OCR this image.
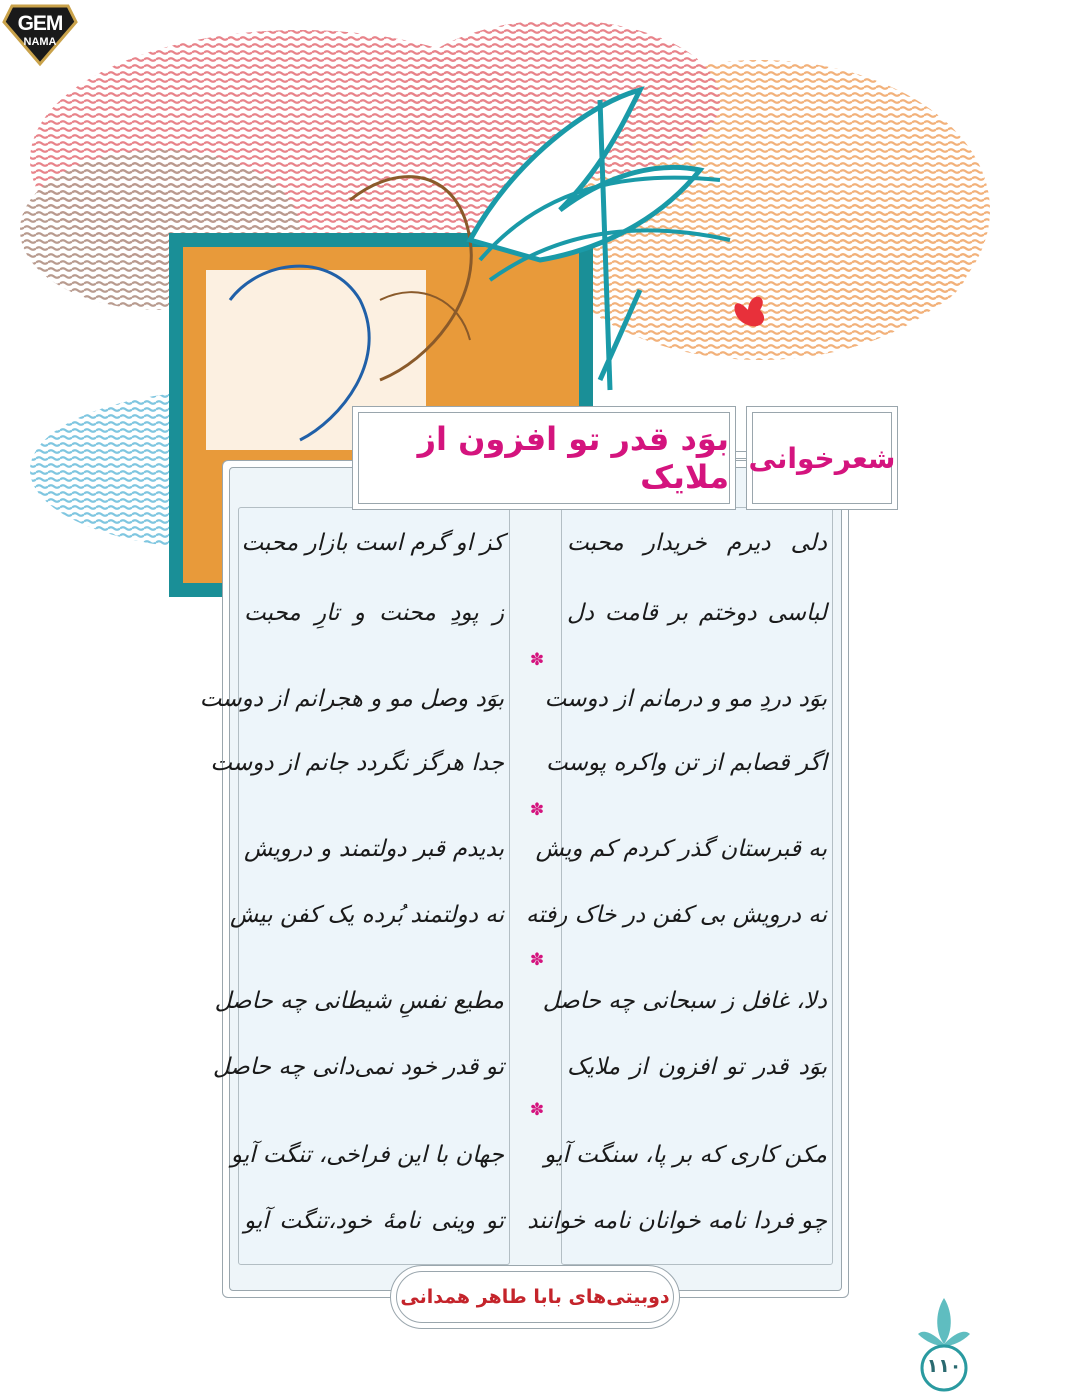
GEM
NAMA
شعرخوانی
بوَد قدر تو افزون از ملایک
دلی دیرم خریدار محبت
لباسی دوختم بر قامت دل
بوَد دردِ مو و درمانم از دوست
اگر قصابم از تن واکره پوست
به قبرستان گذر کردم کم ویش
نه درویش بی کفن در خاک رفته
دلا، غافل ز سبحانی چه حاصل
بوَد قدر تو افزون از ملایک
مکن کاری که بر پا، سنگت آیو
چو فردا نامه خوانان نامه خوانند
کز او گرم است بازار محبت
ز پودِ محنت و تارِ محبت
بوَد وصل مو و هجرانم از دوست
جدا هرگز نگردد جانم از دوست
بدیدم قبر دولتمند و درویش
نه دولتمند بُرده یک کفن بیش
مطیع نفسِ شیطانی چه حاصل
تو قدر خود نمی‌دانی چه حاصل
جهان با این فراخی، تنگت آیو
تو وینی نامهٔ خود،تنگت آیو
✽
✽
✽
✽
دوبیتی‌های بابا طاهر همدانی
۱۱۰
